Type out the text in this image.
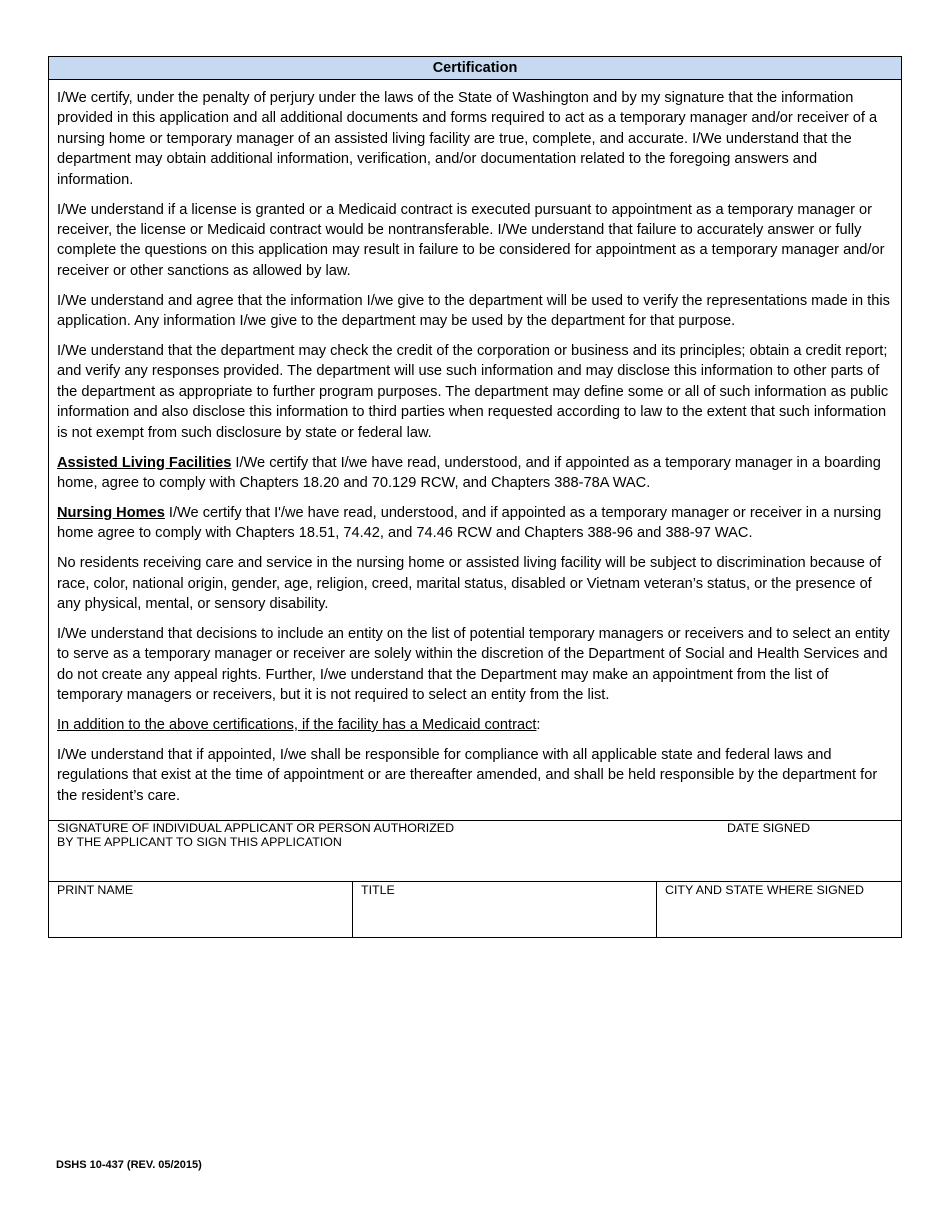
Certification

I/We certify, under the penalty of perjury under the laws of the State of Washington and by my signature that the information provided in this application and all additional documents and forms required to act as a temporary manager and/or receiver of a nursing home or temporary manager of an assisted living facility are true, complete, and accurate. I/We understand that the department may obtain additional information, verification, and/or documentation related to the foregoing answers and information.

I/We understand if a license is granted or a Medicaid contract is executed pursuant to appointment as a temporary manager or receiver, the license or Medicaid contract would be nontransferable. I/We understand that failure to accurately answer or fully complete the questions on this application may result in failure to be considered for appointment as a temporary manager and/or receiver or other sanctions as allowed by law.

I/We understand and agree that the information I/we give to the department will be used to verify the representations made in this application. Any information I/we give to the department may be used by the department for that purpose.

I/We understand that the department may check the credit of the corporation or business and its principles; obtain a credit report; and verify any responses provided. The department will use such information and may disclose this information to other parts of the department as appropriate to further program purposes. The department may define some or all of such information as public information and also disclose this information to third parties when requested according to law to the extent that such information is not exempt from such disclosure by state or federal law.

Assisted Living Facilities I/We certify that I/we have read, understood, and if appointed as a temporary manager in a boarding home, agree to comply with Chapters 18.20 and 70.129 RCW, and Chapters 388-78A WAC.

Nursing Homes I/We certify that I'/we have read, understood, and if appointed as a temporary manager or receiver in a nursing home agree to comply with Chapters 18.51, 74.42, and 74.46 RCW and Chapters 388-96 and 388-97 WAC.

No residents receiving care and service in the nursing home or assisted living facility will be subject to discrimination because of race, color, national origin, gender, age, religion, creed, marital status, disabled or Vietnam veteran’s status, or the presence of any physical, mental, or sensory disability.

I/We understand that decisions to include an entity on the list of potential temporary managers or receivers and to select an entity to serve as a temporary manager or receiver are solely within the discretion of the Department of Social and Health Services and do not create any appeal rights. Further, I/we understand that the Department may make an appointment from the list of temporary managers or receivers, but it is not required to select an entity from the list.

In addition to the above certifications, if the facility has a Medicaid contract:

I/We understand that if appointed, I/we shall be responsible for compliance with all applicable state and federal laws and regulations that exist at the time of appointment or are thereafter amended, and shall be held responsible by the department for the resident’s care.

SIGNATURE OF INDIVIDUAL APPLICANT OR PERSON AUTHORIZED
BY THE APPLICANT TO SIGN THIS APPLICATION
DATE SIGNED
PRINT NAME	TITLE	CITY AND STATE WHERE SIGNED
DSHS 10-437 (REV. 05/2015)
